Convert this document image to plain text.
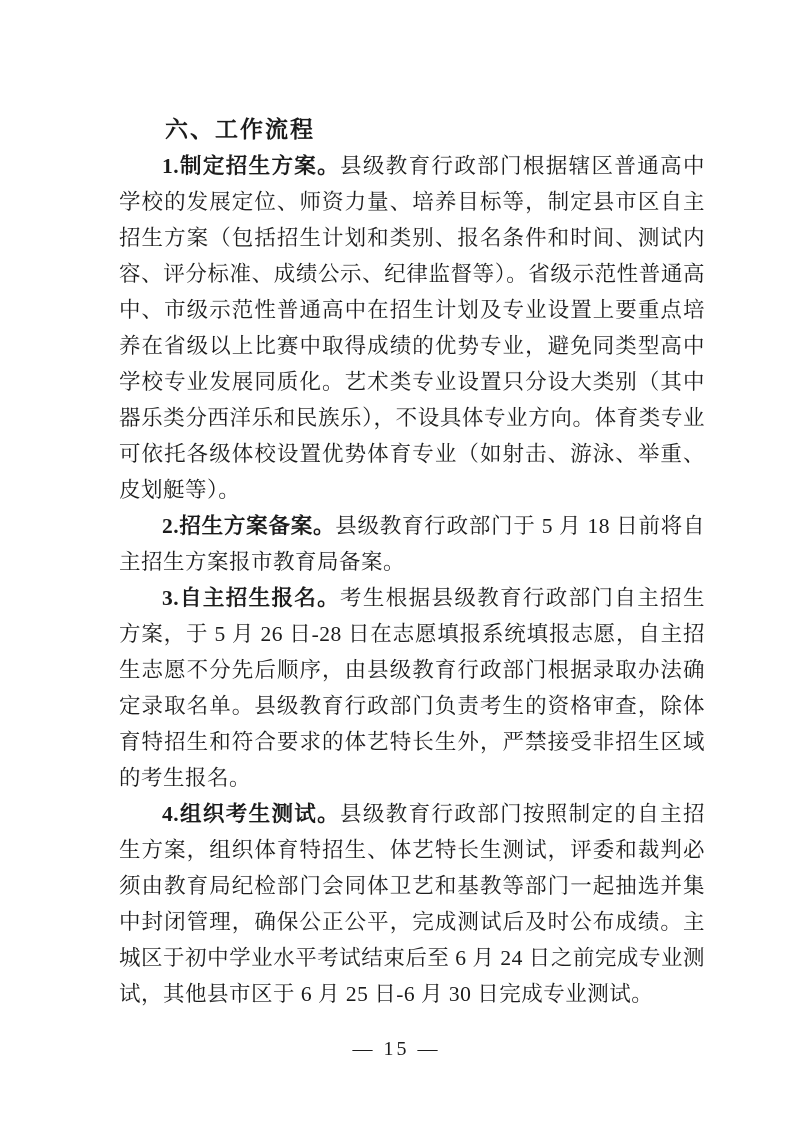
六、工作流程

1.制定招生方案。县级教育行政部门根据辖区普通高中学校的发展定位、师资力量、培养目标等，制定县市区自主招生方案（包括招生计划和类别、报名条件和时间、测试内容、评分标准、成绩公示、纪律监督等）。省级示范性普通高中、市级示范性普通高中在招生计划及专业设置上要重点培养在省级以上比赛中取得成绩的优势专业，避免同类型高中学校专业发展同质化。艺术类专业设置只分设大类别（其中器乐类分西洋乐和民族乐），不设具体专业方向。体育类专业可依托各级体校设置优势体育专业（如射击、游泳、举重、皮划艇等）。

2.招生方案备案。县级教育行政部门于 5 月 18 日前将自主招生方案报市教育局备案。

3.自主招生报名。考生根据县级教育行政部门自主招生方案，于 5 月 26 日-28 日在志愿填报系统填报志愿，自主招生志愿不分先后顺序，由县级教育行政部门根据录取办法确定录取名单。县级教育行政部门负责考生的资格审查，除体育特招生和符合要求的体艺特长生外，严禁接受非招生区域的考生报名。

4.组织考生测试。县级教育行政部门按照制定的自主招生方案，组织体育特招生、体艺特长生测试，评委和裁判必须由教育局纪检部门会同体卫艺和基教等部门一起抽选并集中封闭管理，确保公正公平，完成测试后及时公布成绩。主城区于初中学业水平考试结束后至 6 月 24 日之前完成专业测试，其他县市区于 6 月 25 日-6 月 30 日完成专业测试。

— 15 —
